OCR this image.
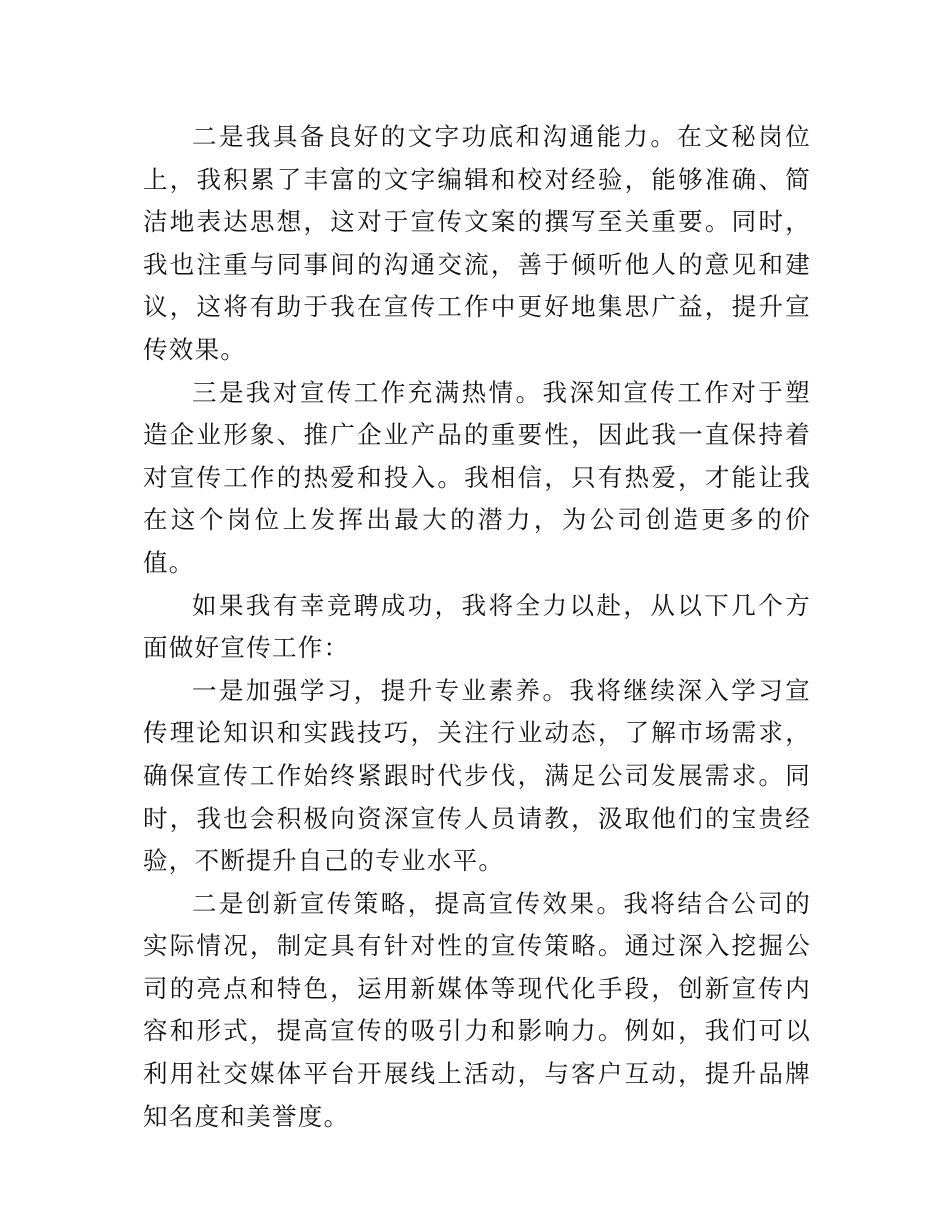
二是我具备良好的文字功底和沟通能力。在文秘岗位上，我积累了丰富的文字编辑和校对经验，能够准确、简洁地表达思想，这对于宣传文案的撰写至关重要。同时，我也注重与同事间的沟通交流，善于倾听他人的意见和建议，这将有助于我在宣传工作中更好地集思广益，提升宣传效果。

三是我对宣传工作充满热情。我深知宣传工作对于塑造企业形象、推广企业产品的重要性，因此我一直保持着对宣传工作的热爱和投入。我相信，只有热爱，才能让我在这个岗位上发挥出最大的潜力，为公司创造更多的价值。

如果我有幸竞聘成功，我将全力以赴，从以下几个方面做好宣传工作：

一是加强学习，提升专业素养。我将继续深入学习宣传理论知识和实践技巧，关注行业动态，了解市场需求，确保宣传工作始终紧跟时代步伐，满足公司发展需求。同时，我也会积极向资深宣传人员请教，汲取他们的宝贵经验，不断提升自己的专业水平。

二是创新宣传策略，提高宣传效果。我将结合公司的实际情况，制定具有针对性的宣传策略。通过深入挖掘公司的亮点和特色，运用新媒体等现代化手段，创新宣传内容和形式，提高宣传的吸引力和影响力。例如，我们可以利用社交媒体平台开展线上活动，与客户互动，提升品牌知名度和美誉度。
